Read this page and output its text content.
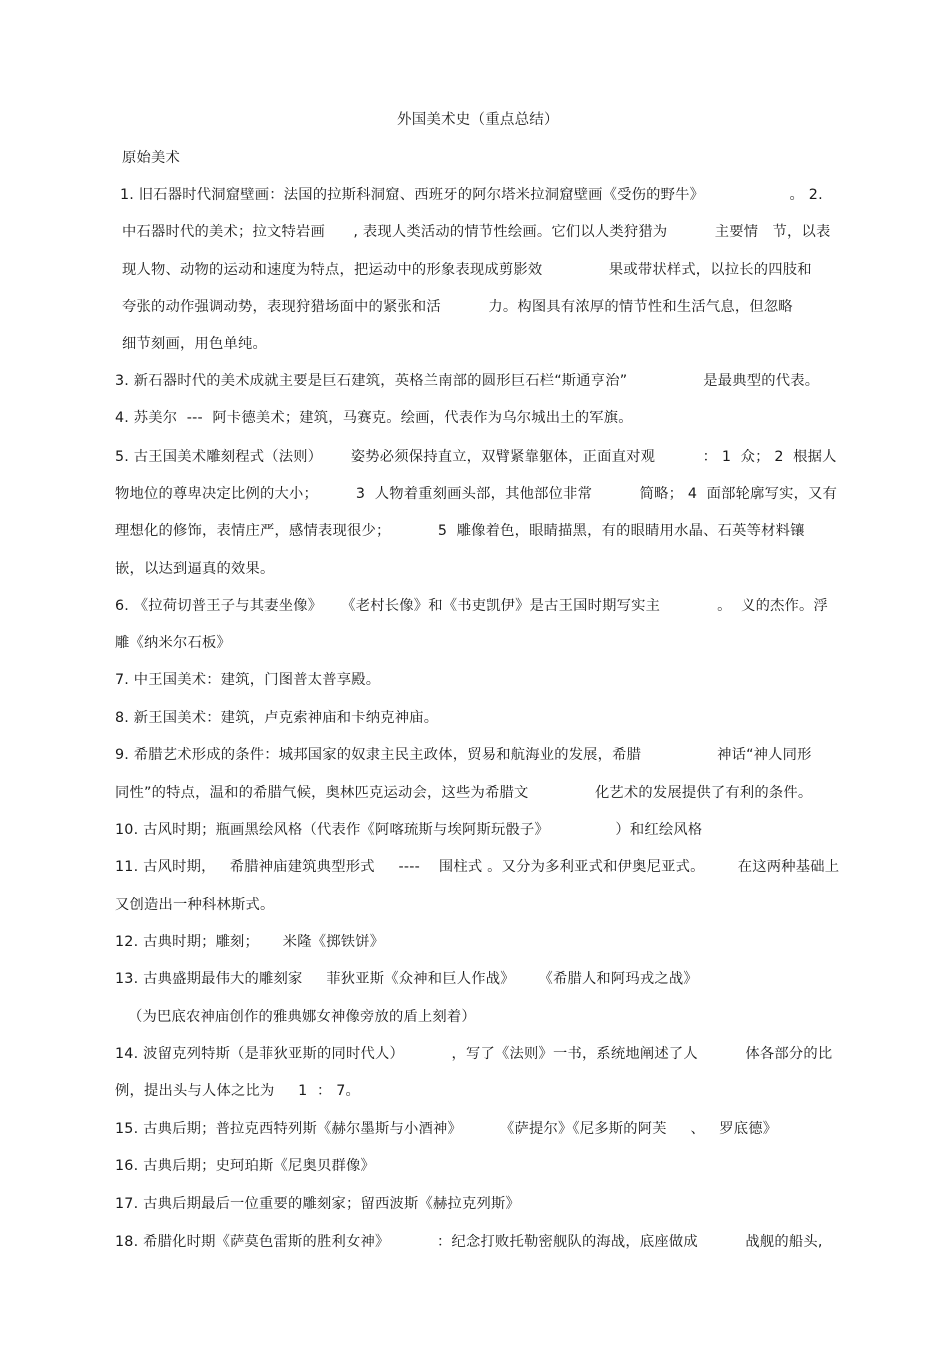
外国美术史（重点总结）

原始美术

1. 旧石器时代洞窟壁画：法国的拉斯科洞窟、西班牙的阿尔塔米拉洞窟壁画《受伤的野牛》                  。 2.

中石器时代的美术；拉文特岩画      , 表现人类活动的情节性绘画。它们以人类狩猎为          主要情   节，以表

现人物、动物的运动和速度为特点，把运动中的形象表现成剪影效              果或带状样式，以拉长的四肢和

夸张的动作强调动势，表现狩猎场面中的紧张和活          力。构图具有浓厚的情节性和生活气息，但忽略

细节刻画，用色单纯。

3. 新石器时代的美术成就主要是巨石建筑，英格兰南部的圆形巨石栏“斯通亨治”                是最典型的代表。

4. 苏美尔  ---  阿卡德美术；建筑，马赛克。绘画，代表作为乌尔城出土的军旗。

5. 古王国美术雕刻程式（法则）      姿势必须保持直立，双臂紧靠躯体，正面直对观          ： 1  众； 2  根据人

物地位的尊卑决定比例的大小；        3  人物着重刻画头部，其他部位非常          简略； 4  面部轮廓写实，又有

理想化的修饰，表情庄严，感情表现很少；          5  雕像着色，眼睛描黑，有的眼睛用水晶、石英等材料镶

嵌，以达到逼真的效果。

6. 《拉荷切普王子与其妻坐像》    《老村长像》和《书吏凯伊》是古王国时期写实主            。  义的杰作。浮

雕《纳米尔石板》

7. 中王国美术：建筑，门图普太普享殿。

8. 新王国美术：建筑，卢克索神庙和卡纳克神庙。

9. 希腊艺术形成的条件：城邦国家的奴隶主民主政体，贸易和航海业的发展，希腊                神话“神人同形

同性”的特点，温和的希腊气候，奥林匹克运动会，这些为希腊文              化艺术的发展提供了有利的条件。

10. 古风时期；瓶画黑绘风格（代表作《阿喀琉斯与埃阿斯玩骰子》              ）和红绘风格

11. 古风时期，   希腊神庙建筑典型形式     ----    围柱式 。又分为多利亚式和伊奥尼亚式。       在这两种基础上

又创造出一种科林斯式。

12. 古典时期；雕刻；     米隆《掷铁饼》

13. 古典盛期最伟大的雕刻家     菲狄亚斯《众神和巨人作战》     《希腊人和阿玛戎之战》

（为巴底农神庙创作的雅典娜女神像旁放的盾上刻着）

14. 波留克列特斯（是菲狄亚斯的同时代人）          ，写了《法则》一书，系统地阐述了人          体各部分的比

例，提出头与人体之比为     1  ： 7。

15. 古典后期；普拉克西特列斯《赫尔墨斯与小酒神》        《萨提尔》《尼多斯的阿芙     、   罗底德》

16. 古典后期；史珂珀斯《尼奥贝群像》

17. 古典后期最后一位重要的雕刻家；留西波斯《赫拉克列斯》

18. 希腊化时期《萨莫色雷斯的胜利女神》          ：纪念打败托勒密舰队的海战，底座做成          战舰的船头,
